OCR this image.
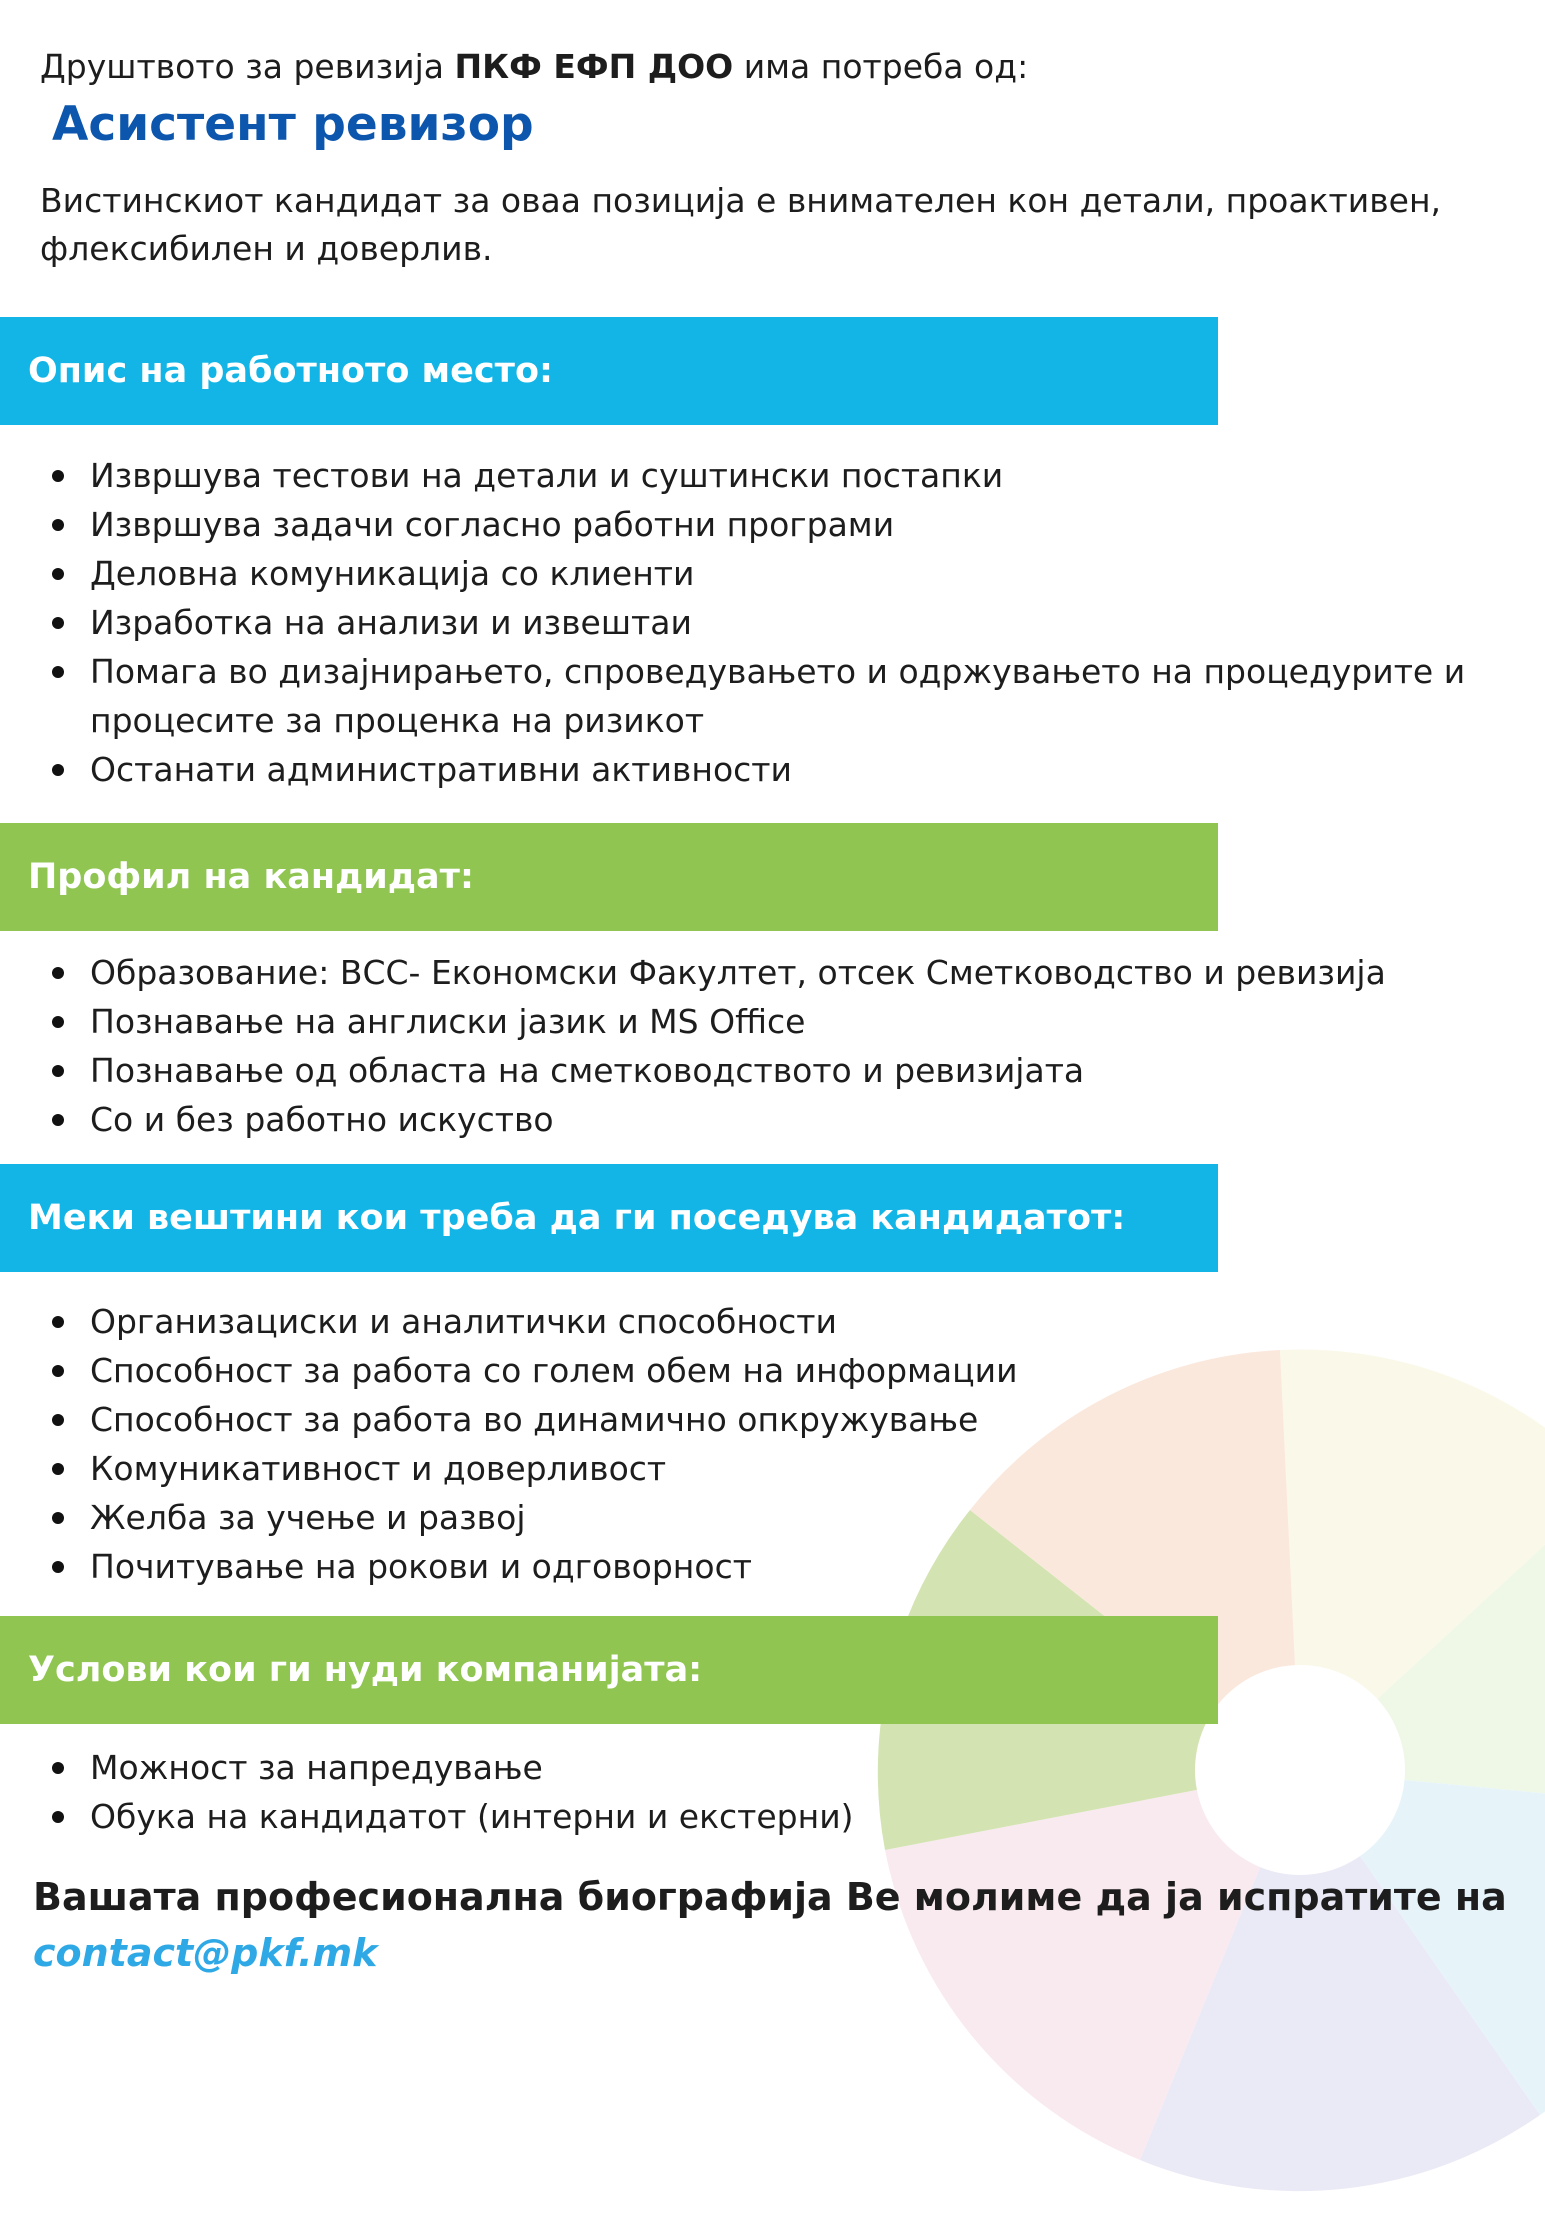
Друштвото за ревизија ПКФ ЕФП ДОО има потреба од:
Асистент ревизор
Вистинскиот кандидат за оваа позиција е внимателен кон детали, проактивен, флексибилен и доверлив.
Опис на работното место:
Извршува тестови на детали и суштински постапки
Извршува задачи согласно работни програми
Деловна комуникација со клиенти
Изработка на анализи и извештаи
Помага во дизајнирањето, спроведувањето и одржувањето на процедурите и процесите за проценка на ризикот
Останати административни активности
Профил на кандидат:
Образование: ВСС- Економски Факултет, отсек Сметководство и ревизија
Познавање на англиски јазик и MS Office
Познавање од областа на сметководството и ревизијата
Со и без работно искуство
Меки вештини кои треба да ги поседува кандидатот:
Организациски и аналитички способности
Способност за работа со голем обем на информации
Способност за работа во динамично опкружување
Комуникативност и доверливост
Желба за учење и развој
Почитување на рокови и одговорност
Услови кои ги нуди компанијата:
Можност за напредување
Обука на кандидатот (интерни и екстерни)
Вашата професионална биографија Ве молиме да ја испратите на
contact@pkf.mk
